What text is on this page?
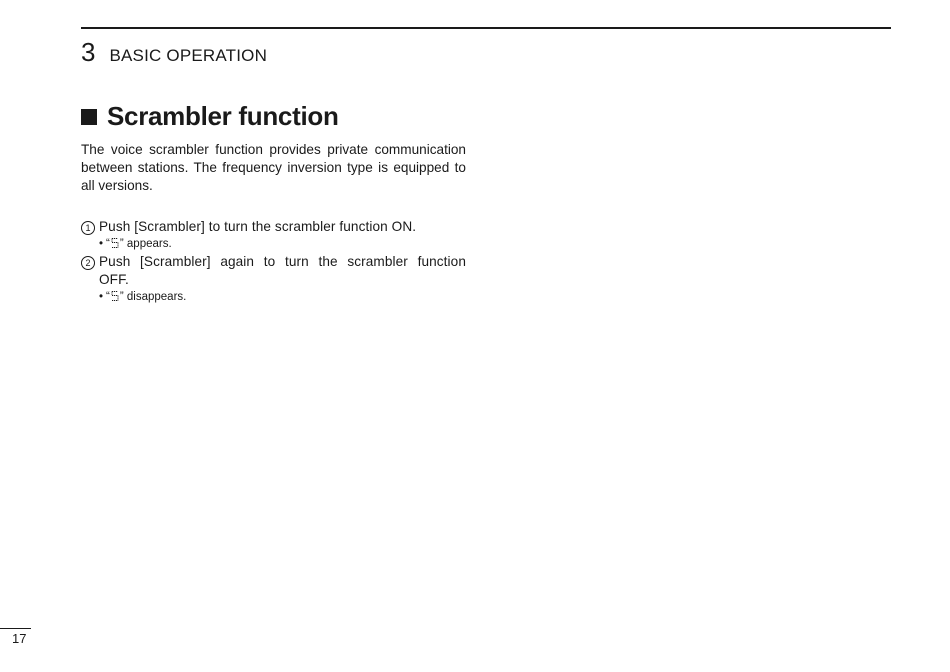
3 BASIC OPERATION
Scrambler function

The voice scrambler function provides private communication between stations. The frequency inversion type is equipped to all versions.

1 Push [Scrambler] to turn the scrambler function ON.
• “ ” appears.
2 Push [Scrambler] again to turn the scrambler function OFF.
• “ ” disappears.
17
